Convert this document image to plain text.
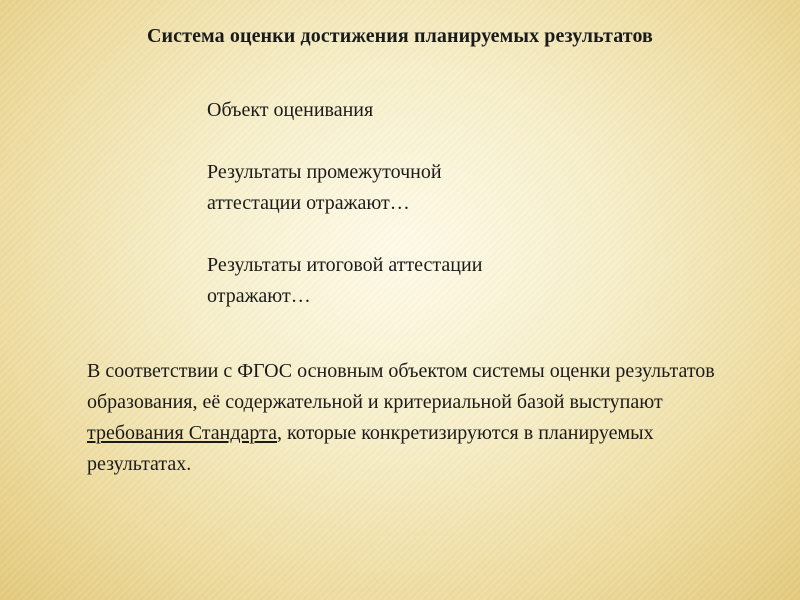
Система оценки достижения планируемых результатов

Объект оценивания

Результаты промежуточной

аттестации отражают…

Результаты итоговой аттестации

отражают…

В соответствии с ФГОС основным объектом системы оценки результатов образования, её содержательной и критериальной базой выступают требования Стандарта, которые конкретизируются в планируемых результатах.
